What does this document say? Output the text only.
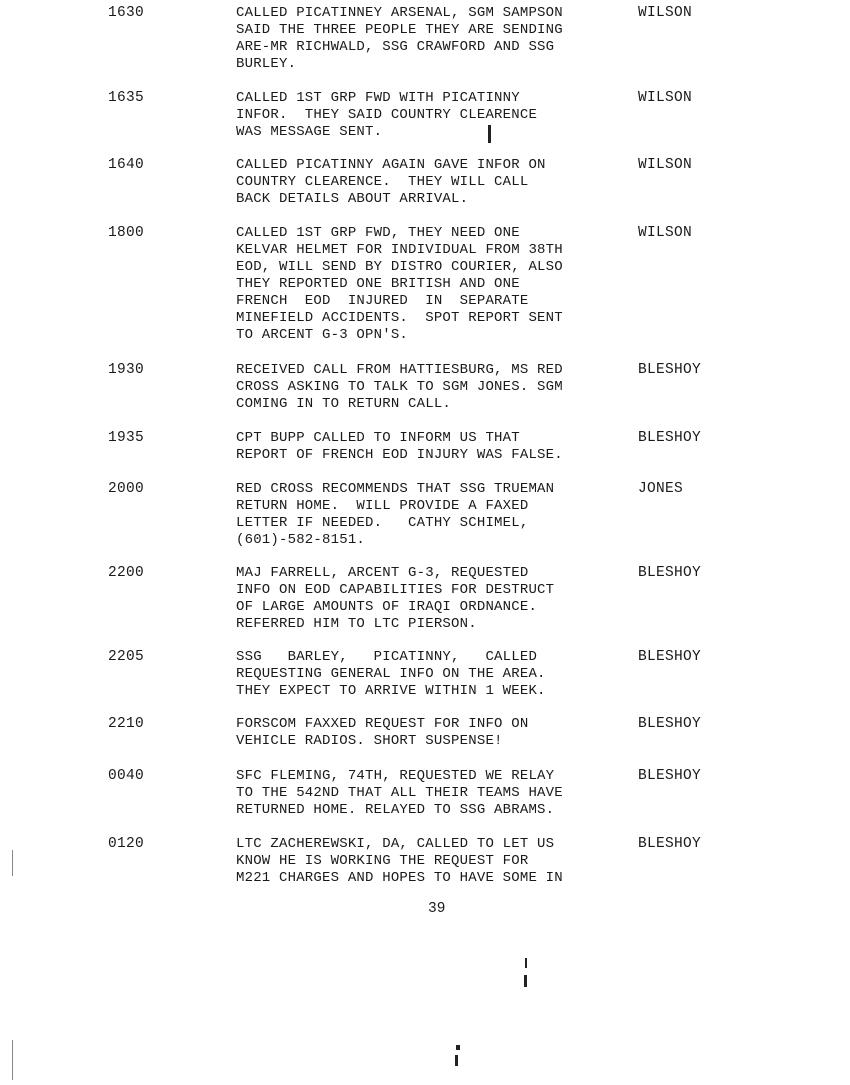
1630	CALLED PICATINNEY ARSENAL, SGM SAMPSON
SAID THE THREE PEOPLE THEY ARE SENDING
ARE-MR RICHWALD, SSG CRAWFORD AND SSG
BURLEY.
WILSON
1635	CALLED 1ST GRP FWD WITH PICATINNY
INFOR.  THEY SAID COUNTRY CLEARENCE
WAS MESSAGE SENT.
WILSON
1640	CALLED PICATINNY AGAIN GAVE INFOR ON
COUNTRY CLEARENCE.  THEY WILL CALL
BACK DETAILS ABOUT ARRIVAL.
WILSON
1800	CALLED 1ST GRP FWD, THEY NEED ONE
KELVAR HELMET FOR INDIVIDUAL FROM 38TH
EOD, WILL SEND BY DISTRO COURIER, ALSO
THEY REPORTED ONE BRITISH AND ONE
FRENCH  EOD  INJURED  IN  SEPARATE
MINEFIELD ACCIDENTS.  SPOT REPORT SENT
TO ARCENT G-3 OPN'S.
WILSON
1930	RECEIVED CALL FROM HATTIESBURG, MS RED
CROSS ASKING TO TALK TO SGM JONES. SGM
COMING IN TO RETURN CALL.
BLESHOY
1935	CPT BUPP CALLED TO INFORM US THAT
REPORT OF FRENCH EOD INJURY WAS FALSE.
BLESHOY
2000	RED CROSS RECOMMENDS THAT SSG TRUEMAN
RETURN HOME.  WILL PROVIDE A FAXED
LETTER IF NEEDED.   CATHY SCHIMEL,
(601)-582-8151.
JONES
2200	MAJ FARRELL, ARCENT G-3, REQUESTED
INFO ON EOD CAPABILITIES FOR DESTRUCT
OF LARGE AMOUNTS OF IRAQI ORDNANCE.
REFERRED HIM TO LTC PIERSON.
BLESHOY
2205	SSG   BARLEY,   PICATINNY,   CALLED
REQUESTING GENERAL INFO ON THE AREA.
THEY EXPECT TO ARRIVE WITHIN 1 WEEK.
BLESHOY
2210	FORSCOM FAXXED REQUEST FOR INFO ON
VEHICLE RADIOS. SHORT SUSPENSE!
BLESHOY
0040	SFC FLEMING, 74TH, REQUESTED WE RELAY
TO THE 542ND THAT ALL THEIR TEAMS HAVE
RETURNED HOME. RELAYED TO SSG ABRAMS.
BLESHOY
0120	LTC ZACHEREWSKI, DA, CALLED TO LET US
KNOW HE IS WORKING THE REQUEST FOR
M221 CHARGES AND HOPES TO HAVE SOME IN
BLESHOY
39
